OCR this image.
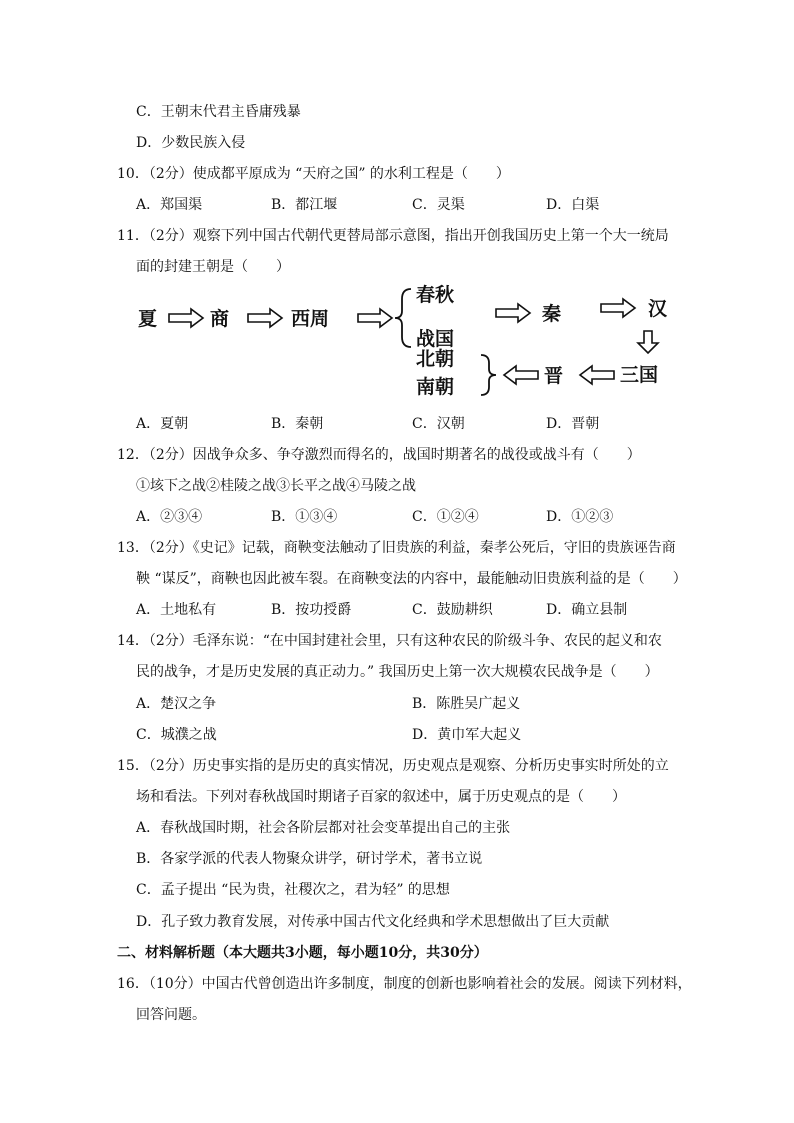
C．王朝末代君主昏庸残暴
D．少数民族入侵
10．（2分）使成都平原成为 “天府之国” 的水利工程是（　　）
A．郑国渠	B．都江堰	C．灵渠	D．白渠
11．（2分）观察下列中国古代朝代更替局部示意图，指出开创我国历史上第一个大一统局
面的封建王朝是（　　）
夏	商	西周
春秋
战国
秦	汉
三国
晋
北朝
南朝
A．夏朝	B．秦朝	C．汉朝	D．晋朝
12．（2分）因战争众多、争夺激烈而得名的，战国时期著名的战役或战斗有（　　）
①垓下之战②桂陵之战③长平之战④马陵之战
A．②③④	B．①③④	C．①②④	D．①②③
13．（2分）《史记》记载，商鞅变法触动了旧贵族的利益，秦孝公死后，守旧的贵族诬告商
鞅 “谋反”，商鞅也因此被车裂。在商鞅变法的内容中，最能触动旧贵族利益的是（　　）
A．土地私有	B．按功授爵	C．鼓励耕织	D．确立县制
14．（2分）毛泽东说：“在中国封建社会里，只有这种农民的阶级斗争、农民的起义和农
民的战争，才是历史发展的真正动力。” 我国历史上第一次大规模农民战争是（　　）
A．楚汉之争	B．陈胜吴广起义
C．城濮之战	D．黄巾军大起义
15．（2分）历史事实指的是历史的真实情况，历史观点是观察、分析历史事实时所处的立
场和看法。下列对春秋战国时期诸子百家的叙述中，属于历史观点的是（　　）
A．春秋战国时期，社会各阶层都对社会变革提出自己的主张
B．各家学派的代表人物聚众讲学，研讨学术，著书立说
C．孟子提出 “民为贵，社稷次之，君为轻” 的思想
D．孔子致力教育发展，对传承中国古代文化经典和学术思想做出了巨大贡献
二、材料解析题（本大题共3小题，每小题10分，共30分）
16．（10分）中国古代曾创造出许多制度，制度的创新也影响着社会的发展。阅读下列材料，
回答问题。
